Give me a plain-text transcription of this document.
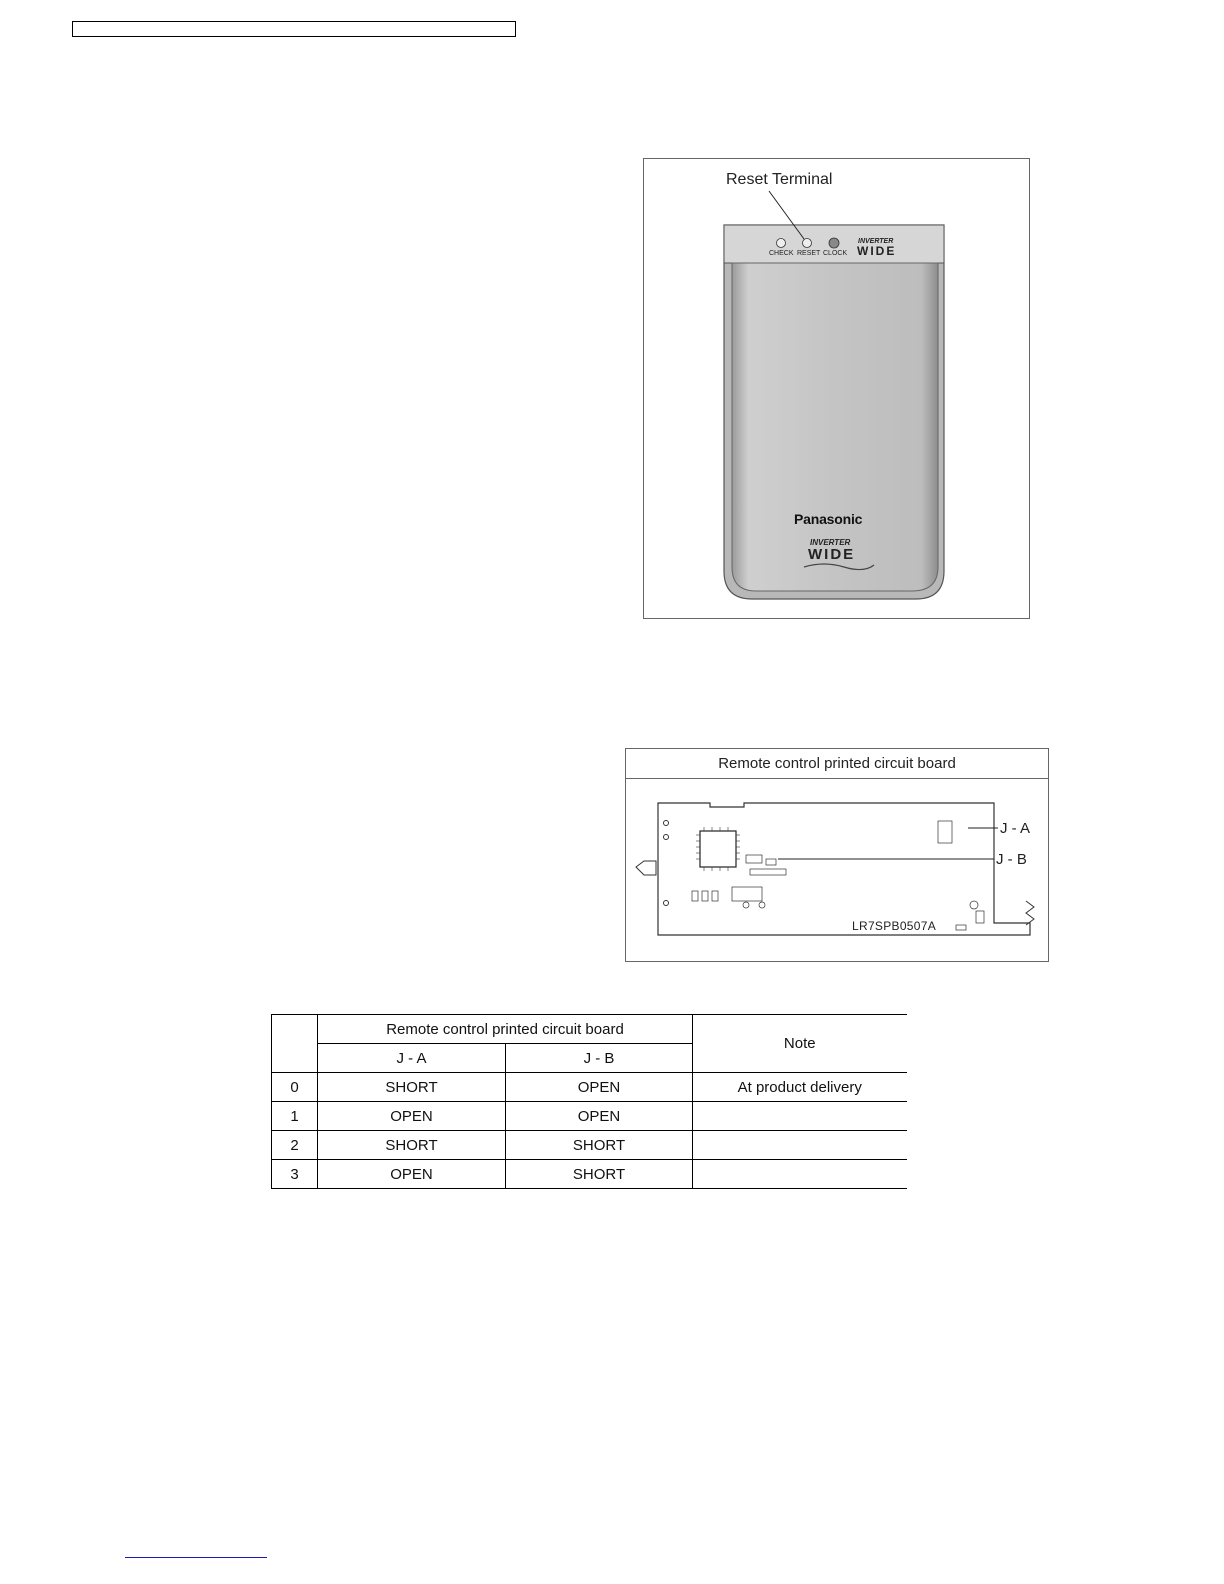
INVERTER
WIDE
INVERTER
WIDE
Reset Terminal
CHECK RESET CLOCK
Panasonic
Remote control printed circuit board
J - A
J - B
LR7SPB0507A
	Remote control printed circuit board		Note
	J - A	J - B	
0	SHORT	OPEN	At product delivery
1	OPEN	OPEN	
2	SHORT	SHORT	
3	OPEN	SHORT	
